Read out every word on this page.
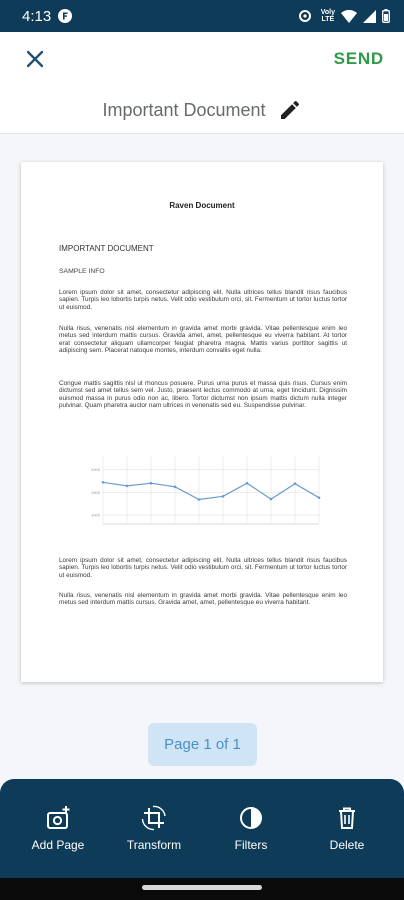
4:13	Voly
LTE
SEND
Important Document
Raven Document
IMPORTANT DOCUMENT
SAMPLE INFO
Lorem ipsum dolor sit amet, consectetur adipiscing elit. Nulla ultrices tellus blandit risus faucibus sapien. Turpis leo lobortis turpis netus. Velit odio vestibulum orci, sit. Fermentum ut tortor luctus tortor ut euismod.
Nulla risus, venenatis nisl elementum in gravida amet morbi gravida. Vitae pellentesque enim leo metus sed interdum mattis cursus. Gravida amet, amet, pellentesque eu viverra habitant. At tortor erat consectetur aliquam ullamcorper feugiat pharetra magna. Mattis varius porttitor sagittis ut adipiscing sem. Placerat natoque montes, interdum convallis eget nulla.
Congue mattis sagittis nisl ut rhoncus posuere. Purus urna purus et massa quis risus. Cursus enim dictumst sed amet tellus sem vel. Justo, praesent lectus commodo at urna, eget tincidunt. Dignissim euismod massa in purus odio non ac, libero. Tortor dictumst non ipsum mattis dictum nulla integer pulvinar. Quam pharetra auctor nam ultrices in venenatis sed eu. Suspendisse pulvinar.
1000
1500
2000
Lorem ipsum dolor sit amet, consectetur adipiscing elit. Nulla ultrices tellus blandit risus faucibus sapien. Turpis leo lobortis turpis netus. Velit odio vestibulum orci, sit. Fermentum ut tortor luctus tortor ut euismod.
Nulla risus, venenatis nisl elementum in gravida amet morbi gravida. Vitae pellentesque enim leo metus sed interdum mattis cursus. Gravida amet, amet, pellentesque eu viverra habitant.
Page 1 of 1
Add Page	Transform	Filters	Delete
